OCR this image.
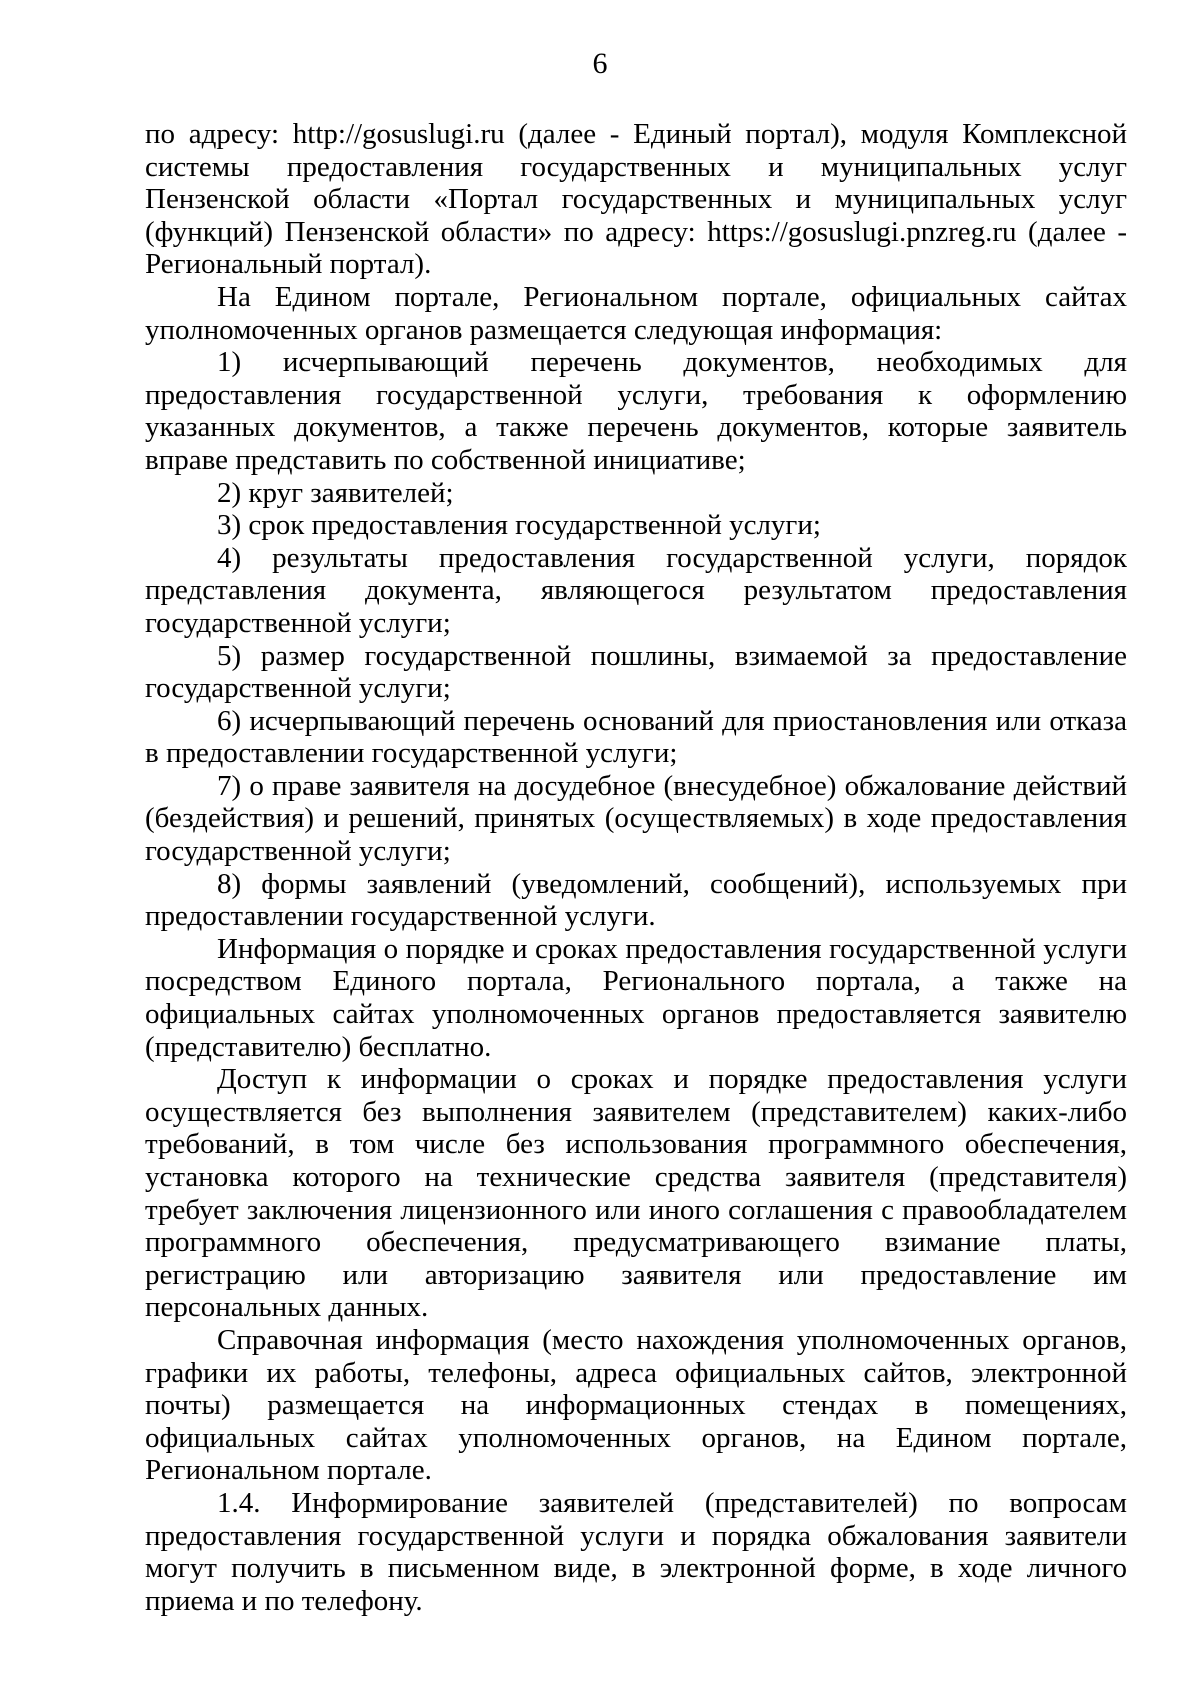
6

по адресу: http://gosuslugi.ru (далее - Единый портал), модуля Комплексной системы предоставления государственных и муниципальных услуг Пензенской области «Портал государственных и муниципальных услуг (функций) Пензенской области» по адресу: https://gosuslugi.pnzreg.ru (далее - Региональный портал).

На Едином портале, Региональном портале, официальных сайтах уполномоченных органов размещается следующая информация:

1) исчерпывающий перечень документов, необходимых для предоставления государственной услуги, требования к оформлению указанных документов, а также перечень документов, которые заявитель вправе представить по собственной инициативе;

2) круг заявителей;

3) срок предоставления государственной услуги;

4) результаты предоставления государственной услуги, порядок представления документа, являющегося результатом предоставления государственной услуги;

5) размер государственной пошлины, взимаемой за предоставление государственной услуги;

6) исчерпывающий перечень оснований для приостановления или отказа в предоставлении государственной услуги;

7) о праве заявителя на досудебное (внесудебное) обжалование действий (бездействия) и решений, принятых (осуществляемых) в ходе предоставления государственной услуги;

8) формы заявлений (уведомлений, сообщений), используемых при предоставлении государственной услуги.

Информация о порядке и сроках предоставления государственной услуги посредством Единого портала, Регионального портала, а также на официальных сайтах уполномоченных органов предоставляется заявителю (представителю) бесплатно.

Доступ к информации о сроках и порядке предоставления услуги осуществляется без выполнения заявителем (представителем) каких-либо требований, в том числе без использования программного обеспечения, установка которого на технические средства заявителя (представителя) требует заключения лицензионного или иного соглашения с правообладателем программного обеспечения, предусматривающего взимание платы, регистрацию или авторизацию заявителя или предоставление им персональных данных.

Справочная информация (место нахождения уполномоченных органов, графики их работы, телефоны, адреса официальных сайтов, электронной почты) размещается на информационных стендах в помещениях, официальных сайтах уполномоченных органов, на Едином портале, Региональном портале.

1.4. Информирование заявителей (представителей) по вопросам предоставления государственной услуги и порядка обжалования заявители могут получить в письменном виде, в электронной форме, в ходе личного приема и по телефону.
